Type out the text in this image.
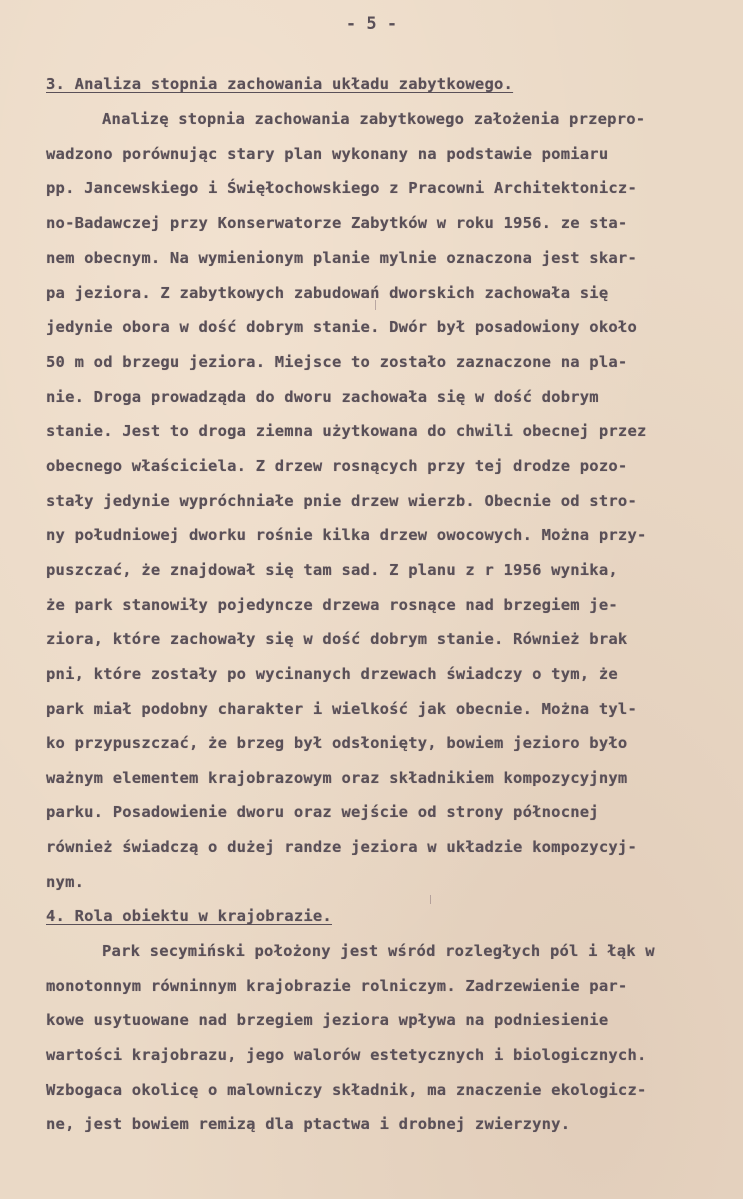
- 5 -
3. Analiza stopnia zachowania układu zabytkowego.
Analizę stopnia zachowania zabytkowego założenia przepro-
wadzono porównując stary plan wykonany na podstawie pomiaru
pp. Jancewskiego i Święłochowskiego z Pracowni Architektonicz-
no-Badawczej przy Konserwatorze Zabytków w roku 1956. ze sta-
nem obecnym. Na wymienionym planie mylnie oznaczona jest skar-
pa jeziora. Z zabytkowych zabudowań dworskich zachowała się
jedynie obora w dość dobrym stanie. Dwór był posadowiony około
50 m od brzegu jeziora. Miejsce to zostało zaznaczone na pla-
nie. Droga prowadząda do dworu zachowała się w dość dobrym
stanie. Jest to droga ziemna użytkowana do chwili obecnej przez
obecnego właściciela. Z drzew rosnących przy tej drodze pozo-
stały jedynie wypróchniałe pnie drzew wierzb. Obecnie od stro-
ny południowej dworku rośnie kilka drzew owocowych. Można przy-
puszczać, że znajdował się tam sad. Z planu z r 1956 wynika,
że park stanowiły pojedyncze drzewa rosnące nad brzegiem je-
ziora, które zachowały się w dość dobrym stanie. Również brak
pni, które zostały po wycinanych drzewach świadczy o tym, że
park miał podobny charakter i wielkość jak obecnie. Można tyl-
ko przypuszczać, że brzeg był odsłonięty, bowiem jezioro było
ważnym elementem krajobrazowym oraz składnikiem kompozycyjnym
parku. Posadowienie dworu oraz wejście od strony północnej
również świadczą o dużej randze jeziora w układzie kompozycyj-
nym.
4. Rola obiektu w krajobrazie.
Park secymiński położony jest wśród rozległych pól i łąk w
monotonnym równinnym krajobrazie rolniczym. Zadrzewienie par-
kowe usytuowane nad brzegiem jeziora wpływa na podniesienie
wartości krajobrazu, jego walorów estetycznych i biologicznych.
Wzbogaca okolicę o malowniczy składnik, ma znaczenie ekologicz-
ne, jest bowiem remizą dla ptactwa i drobnej zwierzyny.
